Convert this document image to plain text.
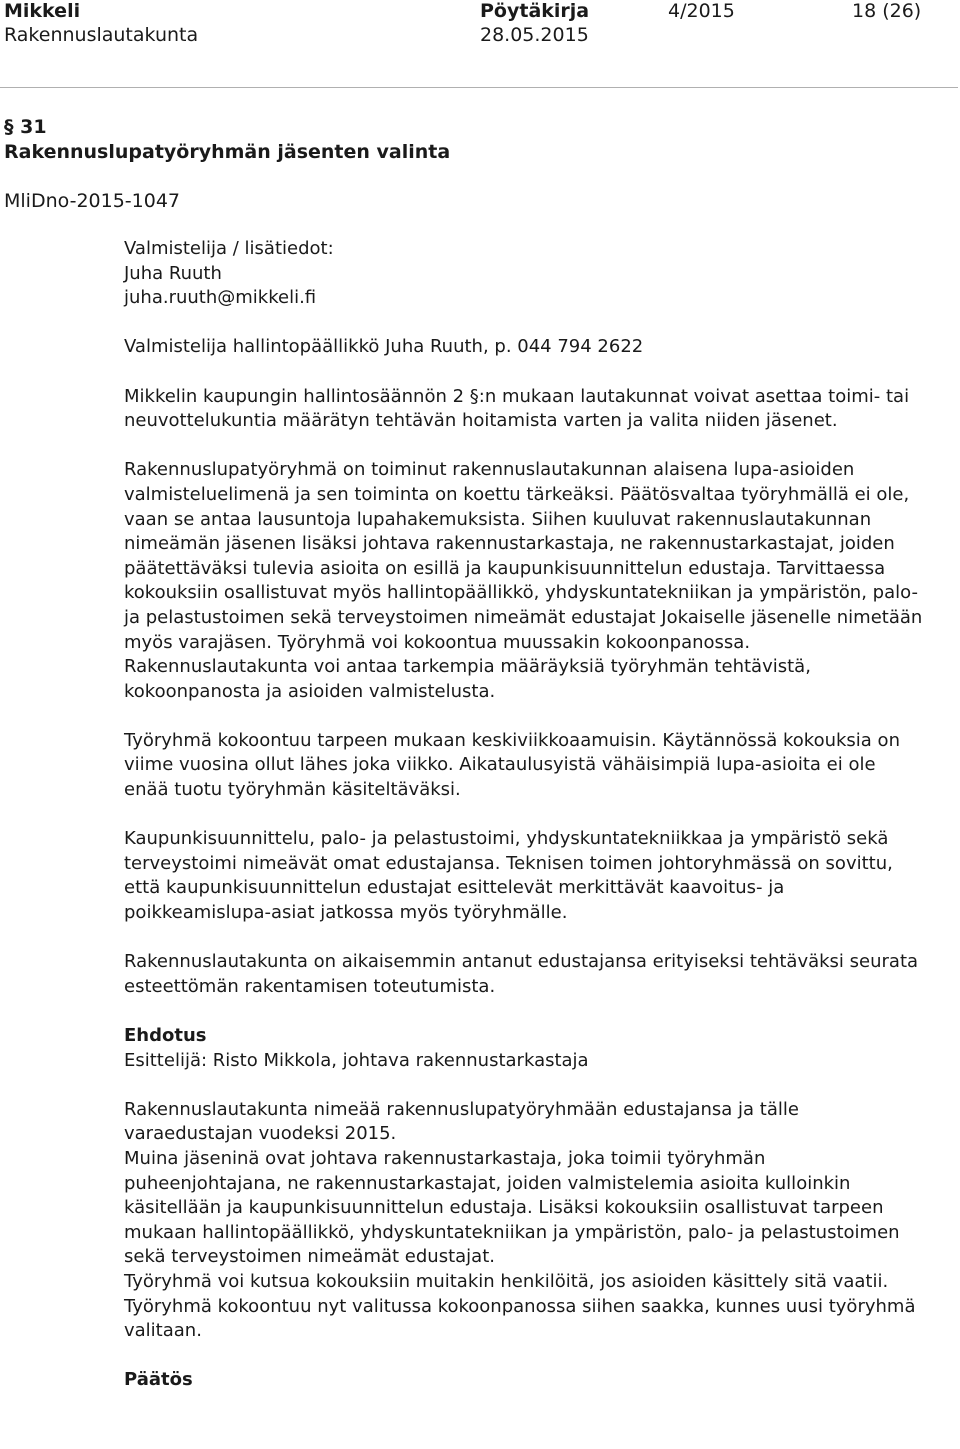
Mikkeli	Pöytäkirja	4/2015	18 (26)
Rakennuslautakunta	28.05.2015
§ 31
Rakennuslupatyöryhmän jäsenten valinta
MliDno-2015-1047

Valmistelija / lisätiedot:

Juha Ruuth

juha.ruuth@mikkeli.fi

Valmistelija hallintopäällikkö Juha Ruuth, p. 044 794 2622

Mikkelin kaupungin hallintosäännön 2 §:n mukaan lautakunnat voivat asettaa toimi- tai neuvottelukuntia määrätyn tehtävän hoitamista varten ja valita niiden jäsenet.

Rakennuslupatyöryhmä on toiminut rakennuslautakunnan alaisena lupa-asioiden valmisteluelimenä ja sen toiminta on koettu tärkeäksi. Päätösvaltaa työryhmällä ei ole, vaan se antaa lausuntoja lupahakemuksista. Siihen kuuluvat rakennuslautakunnan nimeämän jäsenen lisäksi johtava rakennustarkastaja, ne rakennustarkastajat, joiden päätettäväksi tulevia asioita on esillä ja kaupunkisuunnittelun edustaja. Tarvittaessa kokouksiin osallistuvat myös hallintopäällikkö, yhdyskuntatekniikan ja ympäristön, palo- ja pelastustoimen sekä terveystoimen nimeämät edustajat Jokaiselle jäsenelle nimetään myös varajäsen. Työryhmä voi kokoontua muussakin kokoonpanossa. Rakennuslautakunta voi antaa tarkempia määräyksiä työryhmän tehtävistä, kokoonpanosta ja asioiden valmistelusta.

Työryhmä kokoontuu tarpeen mukaan keskiviikkoaamuisin. Käytännössä kokouksia on viime vuosina ollut lähes joka viikko. Aikataulusyistä vähäisimpiä lupa-asioita ei ole enää tuotu työryhmän käsiteltäväksi.

Kaupunkisuunnittelu, palo- ja pelastustoimi, yhdyskuntatekniikkaa ja ympäristö sekä terveystoimi nimeävät omat edustajansa. Teknisen toimen johtoryhmässä on sovittu, että kaupunkisuunnittelun edustajat esittelevät merkittävät kaavoitus- ja poikkeamislupa-asiat jatkossa myös työryhmälle.

Rakennuslautakunta on aikaisemmin antanut edustajansa erityiseksi tehtäväksi seurata esteettömän rakentamisen toteutumista.

Ehdotus

Esittelijä: Risto Mikkola, johtava rakennustarkastaja

Rakennuslautakunta nimeää rakennuslupatyöryhmään edustajansa ja tälle varaedustajan vuodeksi 2015.

Muina jäseninä ovat johtava rakennustarkastaja, joka toimii työryhmän puheenjohtajana, ne rakennustarkastajat, joiden valmistelemia asioita kulloinkin käsitellään ja kaupunkisuunnittelun edustaja. Lisäksi kokouksiin osallistuvat tarpeen mukaan hallintopäällikkö, yhdyskuntatekniikan ja ympäristön, palo- ja pelastustoimen sekä terveystoimen nimeämät edustajat.

Työryhmä voi kutsua kokouksiin muitakin henkilöitä, jos asioiden käsittely sitä vaatii.

Työryhmä kokoontuu nyt valitussa kokoonpanossa siihen saakka, kunnes uusi työryhmä valitaan.

Päätös
